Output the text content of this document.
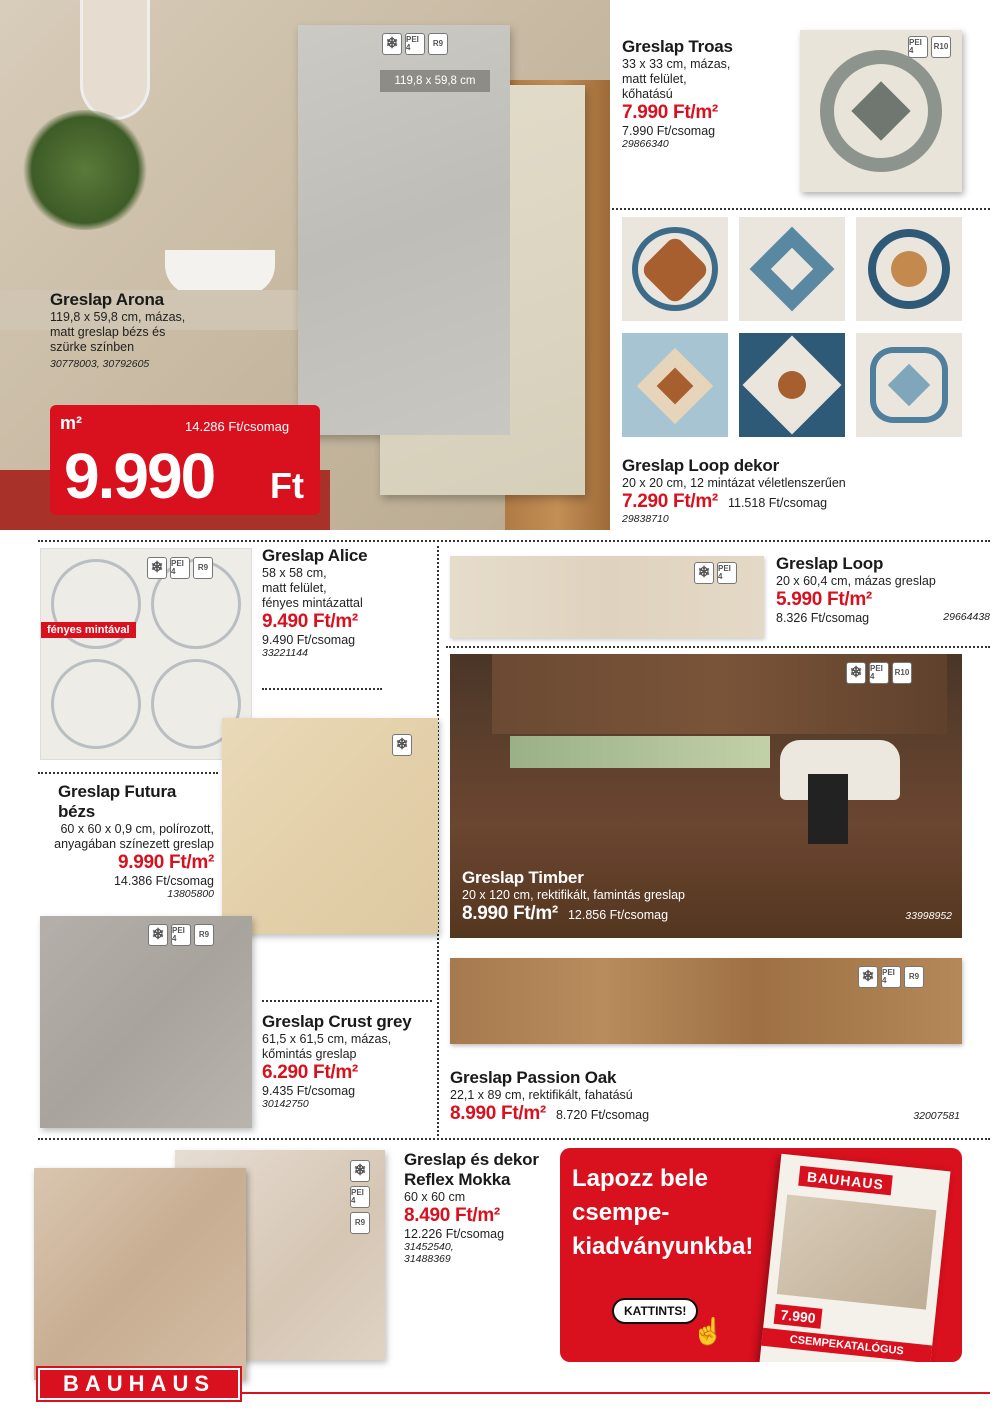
❄ PEI 4	R9
119,8 x 59,8 cm
Greslap Arona
119,8 x 59,8 cm, mázas,
matt greslap bézs és
szürke színben
30778003, 30792605
m²	14.286 Ft/csomag
9.990 Ft
Greslap Troas
33 x 33 cm, mázas,
matt felület,
kőhatású
7.990 Ft/m²
7.990 Ft/csomag
29866340
PEI 4	R10
Greslap Loop dekor
20 x 20 cm, 12 mintázat véletlenszerűen
7.290 Ft/m² 11.518 Ft/csomag
29838710
❄ PEI 4	R9
fényes mintával
Greslap Alice
58 x 58 cm,
matt felület,
fényes mintázattal
9.490 Ft/m²
9.490 Ft/csomag
33221144
❄ PEI 4
Greslap Loop
20 x 60,4 cm, mázas greslap
5.990 Ft/m²
8.326 Ft/csomag	29664438
Greslap Futura bézs
60 x 60 x 0,9 cm, polírozott,
anyagában színezett greslap
9.990 Ft/m²
14.386 Ft/csomag
13805800
❄
❄ PEI 4	R10
Greslap Timber
20 x 120 cm, rektifikált, famintás greslap
8.990 Ft/m² 12.856 Ft/csomag	33998952
❄ PEI 4	R9
Greslap Crust grey
61,5 x 61,5 cm, mázas,
kőmintás greslap
6.290 Ft/m²
9.435 Ft/csomag
30142750
❄ PEI 4	R9
Greslap Passion Oak
22,1 x 89 cm, rektifikált, fahatású
8.990 Ft/m² 8.720 Ft/csomag	32007581
❄
PEI 4
R9
Greslap és dekor
Reflex Mokka
60 x 60 cm
8.490 Ft/m²
12.226 Ft/csomag
31452540,
31488369
Lapozz bele
csempe-
kiadványunkba!
KATTINTS!
☝
BAUHAUS
7.990
CSEMPEKATALÓGUS
BAUHAUS
